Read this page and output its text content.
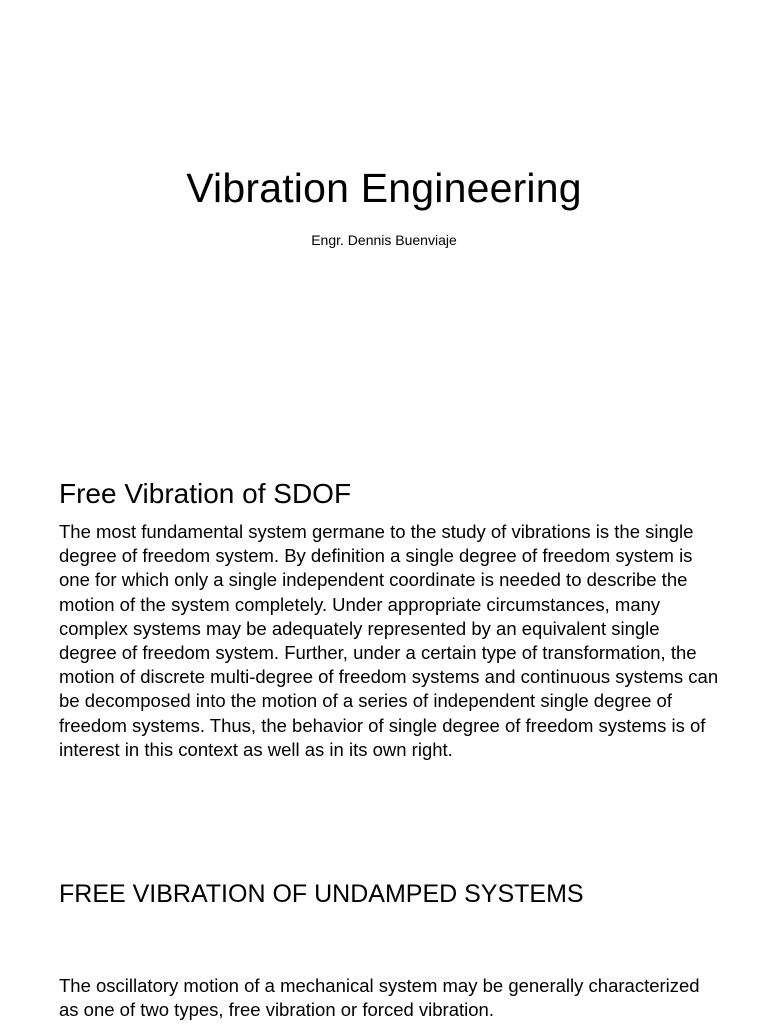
Vibration Engineering

Engr. Dennis Buenviaje

Free Vibration of SDOF

The most fundamental system germane to the study of vibrations is the single degree of freedom system. By definition a single degree of freedom system is one for which only a single independent coordinate is needed to describe the motion of the system completely. Under appropriate circumstances, many complex systems may be adequately represented by an equivalent single degree of freedom system. Further, under a certain type of transformation, the motion of discrete multi-degree of freedom systems and continuous systems can be decomposed into the motion of a series of independent single degree of freedom systems. Thus, the behavior of single degree of freedom systems is of interest in this context as well as in its own right.

FREE VIBRATION OF UNDAMPED SYSTEMS

The oscillatory motion of a mechanical system may be generally characterized as one of two types, free vibration or forced vibration.
